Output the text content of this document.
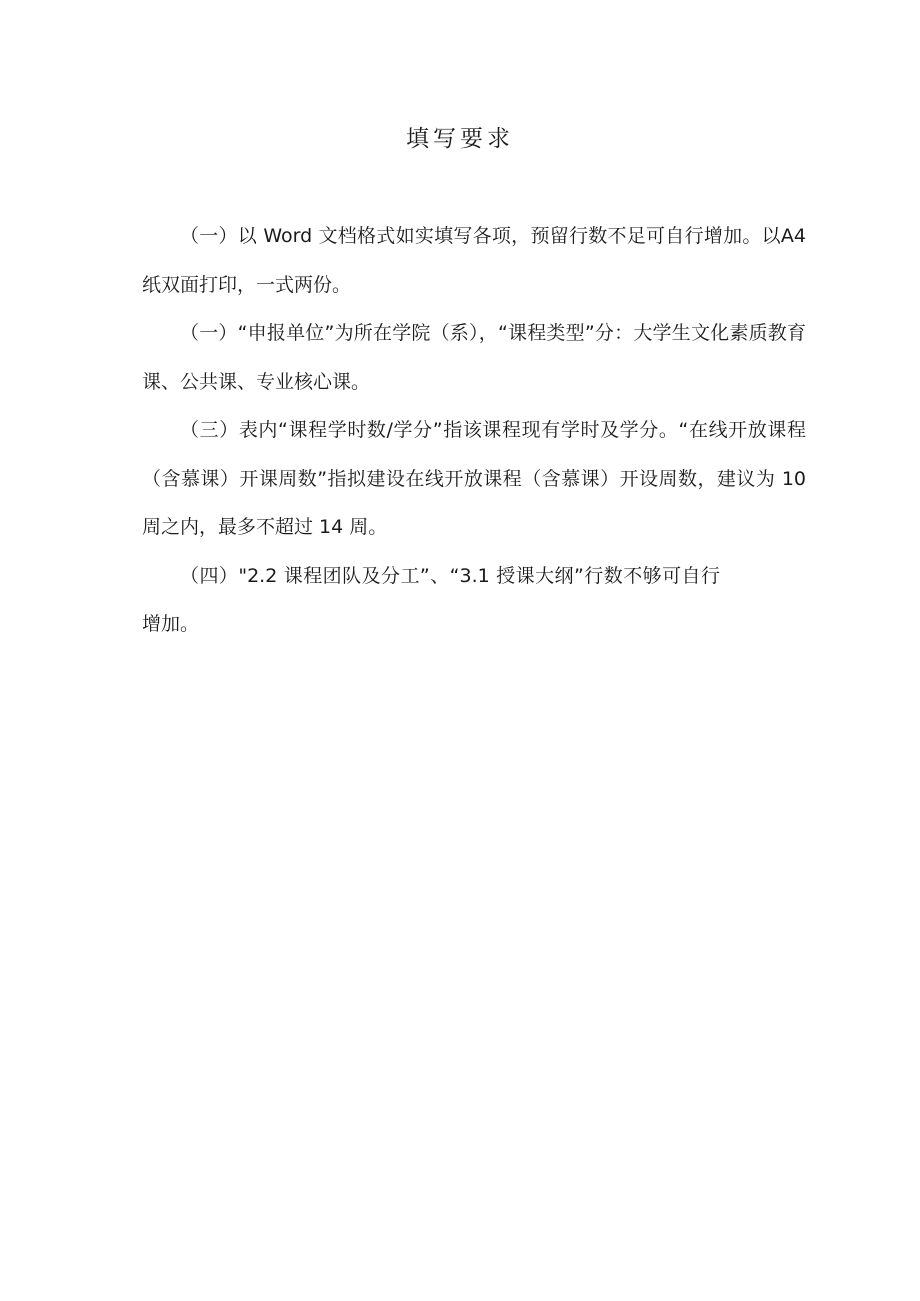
填写要求

（一）以 Word 文档格式如实填写各项，预留行数不足可自行增加。以A4 纸双面打印，一式两份。

（一）“申报单位”为所在学院（系），“课程类型”分：大学生文化素质教育课、公共课、专业核心课。

（三）表内“课程学时数/学分”指该课程现有学时及学分。“在线开放课程（含慕课）开课周数”指拟建设在线开放课程（含慕课）开设周数，建议为 10 周之内，最多不超过 14 周。

（四）"2.2 课程团队及分工”、“3.1 授课大纲”行数不够可自行增加。
